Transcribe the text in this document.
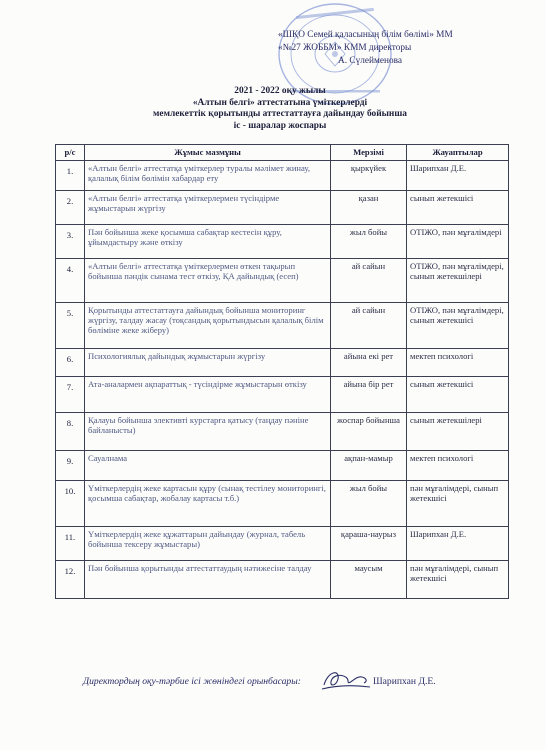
«ШҚО Семей қаласының білім бөлімі» ММ
«№27 ЖОББМ» КММ директоры
А. Сүлейменова
2021 - 2022 оқу жылы
«Алтын белгі» аттестатына үміткерлерді
мемлекеттік қорытынды аттестаттауға дайындау бойынша
іс - шаралар жоспары
р/с	Жұмыс мазмұны	Мерзімі	Жауаптылар
1.	«Алтын белгі» аттестатқа үміткерлер туралы мәлімет жинау, қалалық білім бөлімін хабардар ету	қыркүйек	Шарипхан Д.Е.
2.	«Алтын белгі» аттестатқа үміткерлермен түсіндірме жұмыстарын жүргізу	қазан	сынып жетекшісі
3.	Пән бойынша жеке қосымша сабақтар кестесін құру, ұйымдастыру және өткізу	жыл бойы	ОТІЖО, пән мұғалімдері
4.	«Алтын белгі» аттестатқа үміткерлермен өткен тақырып бойынша пәндік сынама тест өткізу, ҚА дайындық (есеп)	ай сайын	ОТІЖО, пән мұғалімдері, сынып жетекшілері
5.	Қорытынды аттестаттауға дайындық бойынша мониторинг жүргізу, талдау жасау (тоқсандық қорытындысын қалалық білім бөліміне жеке жіберу)	ай сайын	ОТІЖО, пән мұғалімдері, сынып жетекшісі
6.	Психологиялық дайындық жұмыстарын жүргізу	айына екі рет	мектеп психологі
7.	Ата-аналармен ақпараттық - түсіндірме жұмыстарын өткізу	айына бір рет	сынып жетекшісі
8.	Қалауы бойынша элективті курстарға қатысу (таңдау пәніне байланысты)	жоспар бойынша	сынып жетекшілері
9.	Сауалнама	ақпан-мамыр	мектеп психологі
10.	Үміткерлердің жеке картасын құру (сынақ тестілеу мониторингі, қосымша сабақтар, жобалау картасы т.б.)	жыл бойы	пән мұғалімдері, сынып жетекшісі
11.	Үміткерлердің жеке құжаттарын дайындау (журнал, табель бойынша тексеру жұмыстары)	қараша-наурыз	Шарипхан Д.Е.
12.	Пән бойынша қорытынды аттестаттаудың нәтижесіне талдау	маусым	пән мұғалімдері, сынып жетекшісі
Директордың оқу-тәрбие ісі жөніндегі орынбасары:	Шарипхан Д.Е.
